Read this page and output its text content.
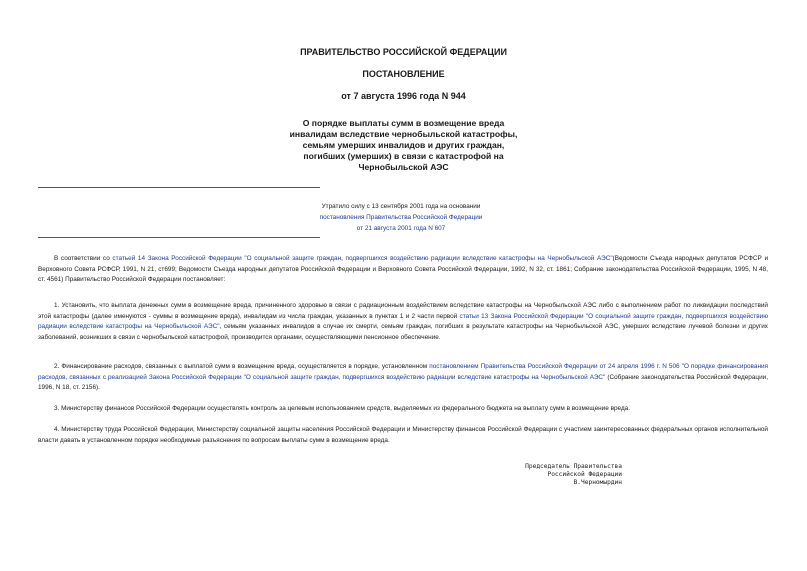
ПРАВИТЕЛЬСТВО РОССИЙСКОЙ ФЕДЕРАЦИИ
ПОСТАНОВЛЕНИЕ
от 7 августа 1996 года N 944
О порядке выплаты сумм в возмещение вреда
инвалидам вследствие чернобыльской катастрофы,
семьям умерших инвалидов и других граждан,
погибших (умерших) в связи с катастрофой на
Чернобыльской АЭС
Утратило силу с 13 сентября 2001 года на основании
постановления Правительства Российской Федерации
от 21 августа 2001 года N 607
В соответствии со статьей 14 Закона Российской Федерации "О социальной защите граждан, подвергшихся воздействию радиации вследствие катастрофы на Чернобыльской АЭС"(Ведомости Съезда народных депутатов РСФСР и Верховного Совета РСФСР, 1991, N 21, ст699; Ведомости Съезда народных депутатов Российской Федерации и Верховного Совета Российской Федерации, 1992, N 32, ст. 1861; Собрание законодательства Российской Федерации, 1995, N 48, ст. 4561) Правительство Российской Федерации постановляет:
1. Установить, что выплата денежных сумм в возмещение вреда, причиненного здоровью в связи с радиационным воздействием вследствие катастрофы на Чернобыльской АЭС либо с выполнением работ по ликвидации последствий этой катастрофы (далее именуются - суммы в возмещение вреда), инвалидам из числа граждан, указанных в пунктах 1 и 2 части первой статьи 13 Закона Российской Федерации "О социальной защите граждан, подвергшихся воздействию радиации вследствие катастрофы на Чернобыльской АЭС", семьям указанных инвалидов в случае их смерти, семьям граждан, погибших в результате катастрофы на Чернобыльской АЭС, умерших вследствие лучевой болезни и других заболеваний, возникших в связи с чернобыльской катастрофой, производится органами, осуществляющими пенсионное обеспечение.
2. Финансирование расходов, связанных с выплатой сумм в возмещение вреда, осуществляется в порядке, установленном постановлением Правительства Российской Федерации от 24 апреля 1996 г. N 506 "О порядке финансирования расходов, связанных с реализацией Закона Российской Федерации "О социальной защите граждан, подвергшихся воздействию радиации вследствие катастрофы на Чернобыльской АЭС" (Собрание законодательства Российской Федерации, 1996, N 18, ст. 2156).
3. Министерству финансов Российской Федерации осуществлять контроль за целевым использованием средств, выделяемых из федерального бюджета на выплату сумм в возмещение вреда.
4. Министерству труда Российской Федерации, Министерству социальной защиты населения Российской Федерации и Министерству финансов Российской Федерации с участием заинтересованных федеральных органов исполнительной власти давать в установленном порядке необходимые разъяснения по вопросам выплаты сумм в возмещение вреда.
Председатель Правительства
Российской Федерации
В.Черномырдин
